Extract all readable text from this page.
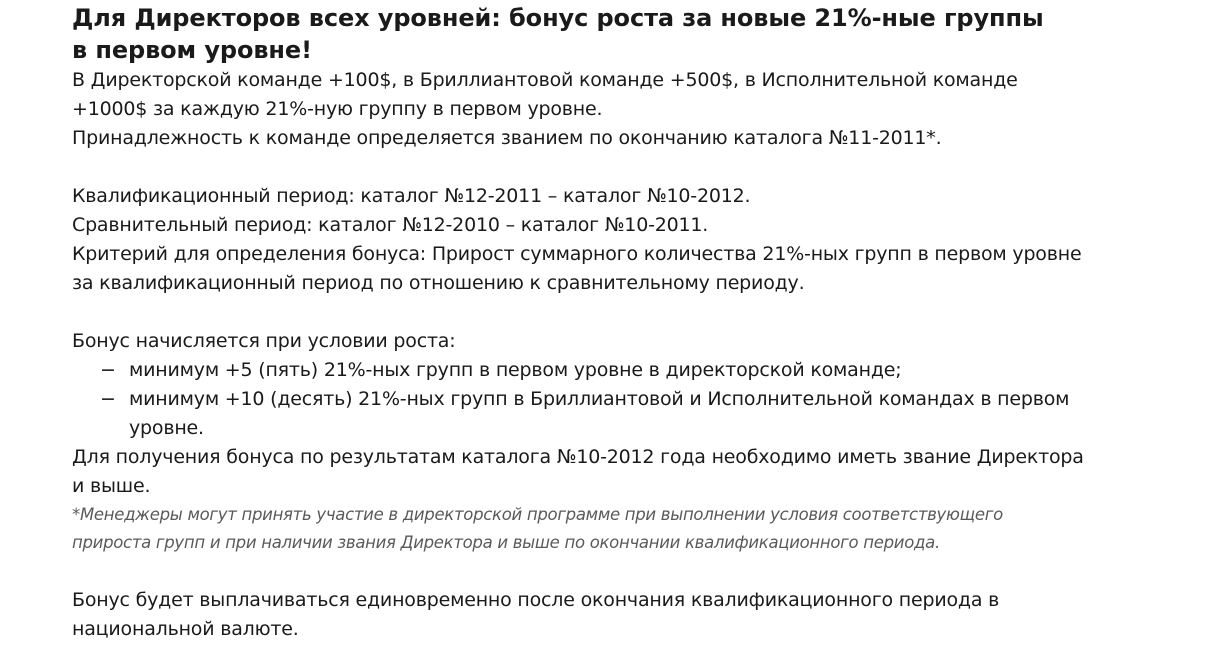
Для Директоров всех уровней: бонус роста за новые 21%-ные группы
в первом уровне!

В Директорской команде +100$, в Бриллиантовой команде +500$, в Исполнительной команде
+1000$ за каждую 21%-ную группу в первом уровне.
Принадлежность к команде определяется званием по окончанию каталога №11-2011*.

Квалификационный период: каталог №12-2011 – каталог №10-2012.
Сравнительный период: каталог №12-2010 – каталог №10-2011.
Критерий для определения бонуса: Прирост суммарного количества 21%-ных групп в первом уровне
за квалификационный период по отношению к сравнительному периоду.

Бонус начисляется при условии роста:

− минимум +5 (пять) 21%-ных групп в первом уровне в директорской команде;
− минимум +10 (десять) 21%-ных групп в Бриллиантовой и Исполнительной командах в первом
уровне.

Для получения бонуса по результатам каталога №10-2012 года необходимо иметь звание Директора
и выше.

*Менеджеры могут принять участие в директорской программе при выполнении условия соответствующего
прироста групп и при наличии звания Директора и выше по окончании квалификационного периода.

Бонус будет выплачиваться единовременно после окончания квалификационного периода в
национальной валюте.
